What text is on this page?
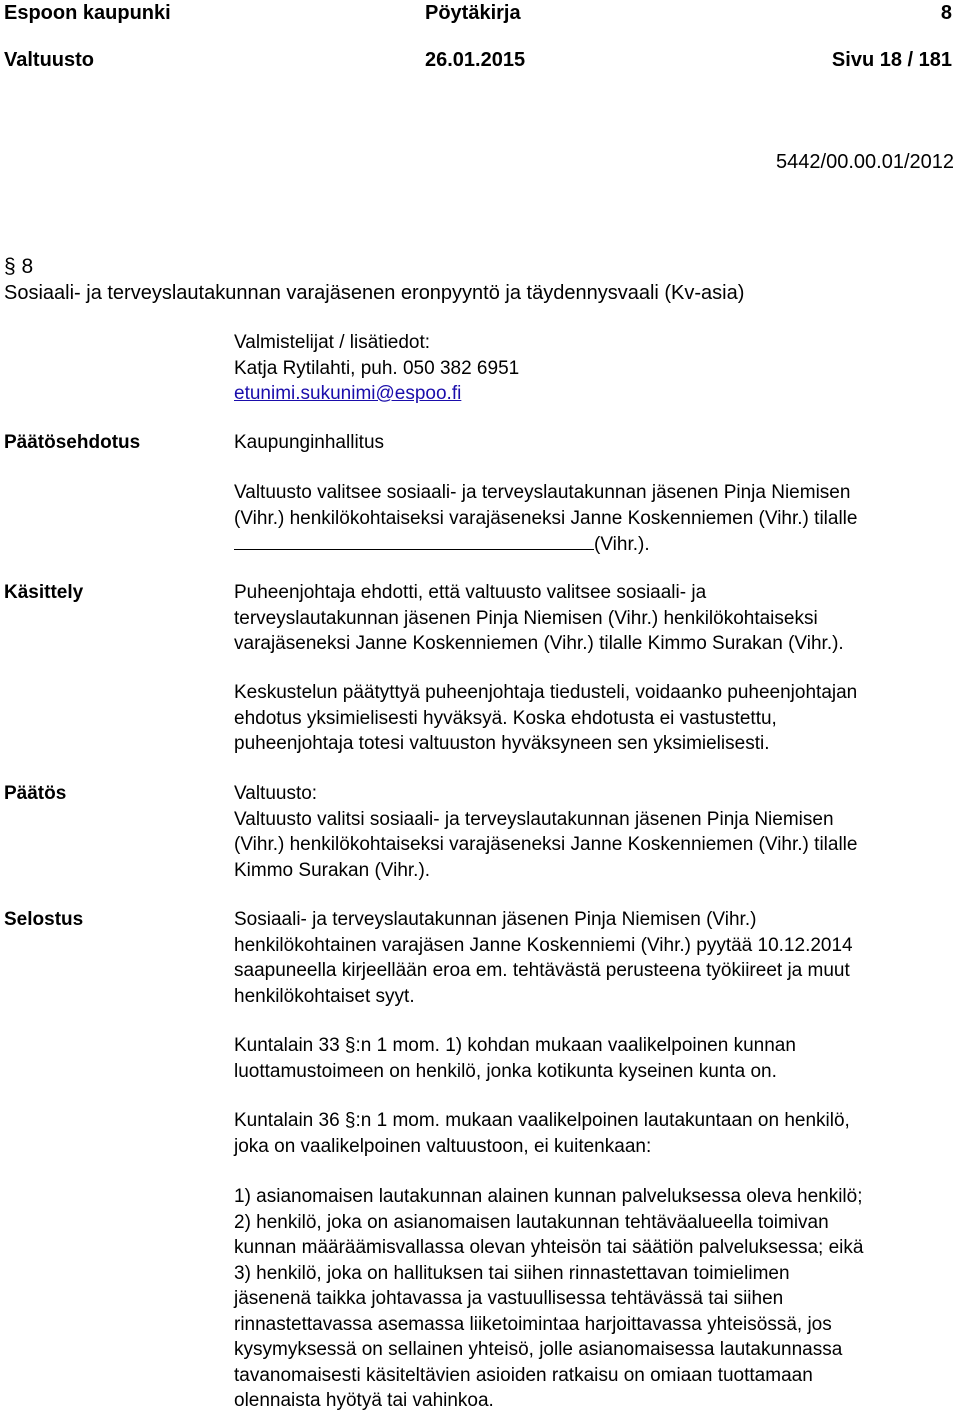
Espoon kaupunki	Pöytäkirja	8
Valtuusto	26.01.2015	Sivu 18 / 181
5442/00.00.01/2012
§ 8
Sosiaali- ja terveyslautakunnan varajäsenen eronpyyntö ja täydennysvaali (Kv-asia)
Valmistelijat / lisätiedot:
Katja Rytilahti, puh. 050 382 6951
etunimi.sukunimi@espoo.fi
Päätösehdotus	Kaupunginhallitus
Valtuusto valitsee sosiaali- ja terveyslautakunnan jäsenen Pinja Niemisen
(Vihr.) henkilökohtaiseksi varajäseneksi Janne Koskenniemen (Vihr.) tilalle
(Vihr.).
Käsittely	Puheenjohtaja ehdotti, että valtuusto valitsee sosiaali- ja
terveyslautakunnan jäsenen Pinja Niemisen (Vihr.) henkilökohtaiseksi
varajäseneksi Janne Koskenniemen (Vihr.) tilalle Kimmo Surakan (Vihr.).
Keskustelun päätyttyä puheenjohtaja tiedusteli, voidaanko puheenjohtajan
ehdotus yksimielisesti hyväksyä. Koska ehdotusta ei vastustettu,
puheenjohtaja totesi valtuuston hyväksyneen sen yksimielisesti.
Päätös	Valtuusto:
Valtuusto valitsi sosiaali- ja terveyslautakunnan jäsenen Pinja Niemisen
(Vihr.) henkilökohtaiseksi varajäseneksi Janne Koskenniemen (Vihr.) tilalle
Kimmo Surakan (Vihr.).
Selostus	Sosiaali- ja terveyslautakunnan jäsenen Pinja Niemisen (Vihr.)
henkilökohtainen varajäsen Janne Koskenniemi (Vihr.) pyytää 10.12.2014
saapuneella kirjeellään eroa em. tehtävästä perusteena työkiireet ja muut
henkilökohtaiset syyt.
Kuntalain 33 §:n 1 mom. 1) kohdan mukaan vaalikelpoinen kunnan
luottamustoimeen on henkilö, jonka kotikunta kyseinen kunta on.
Kuntalain 36 §:n 1 mom. mukaan vaalikelpoinen lautakuntaan on henkilö,
joka on vaalikelpoinen valtuustoon, ei kuitenkaan:
1) asianomaisen lautakunnan alainen kunnan palveluksessa oleva henkilö;
2) henkilö, joka on asianomaisen lautakunnan tehtäväalueella toimivan
kunnan määräämisvallassa olevan yhteisön tai säätiön palveluksessa; eikä
3) henkilö, joka on hallituksen tai siihen rinnastettavan toimielimen
jäsenenä taikka johtavassa ja vastuullisessa tehtävässä tai siihen
rinnastettavassa asemassa liiketoimintaa harjoittavassa yhteisössä, jos
kysymyksessä on sellainen yhteisö, jolle asianomaisessa lautakunnassa
tavanomaisesti käsiteltävien asioiden ratkaisu on omiaan tuottamaan
olennaista hyötyä tai vahinkoa.
